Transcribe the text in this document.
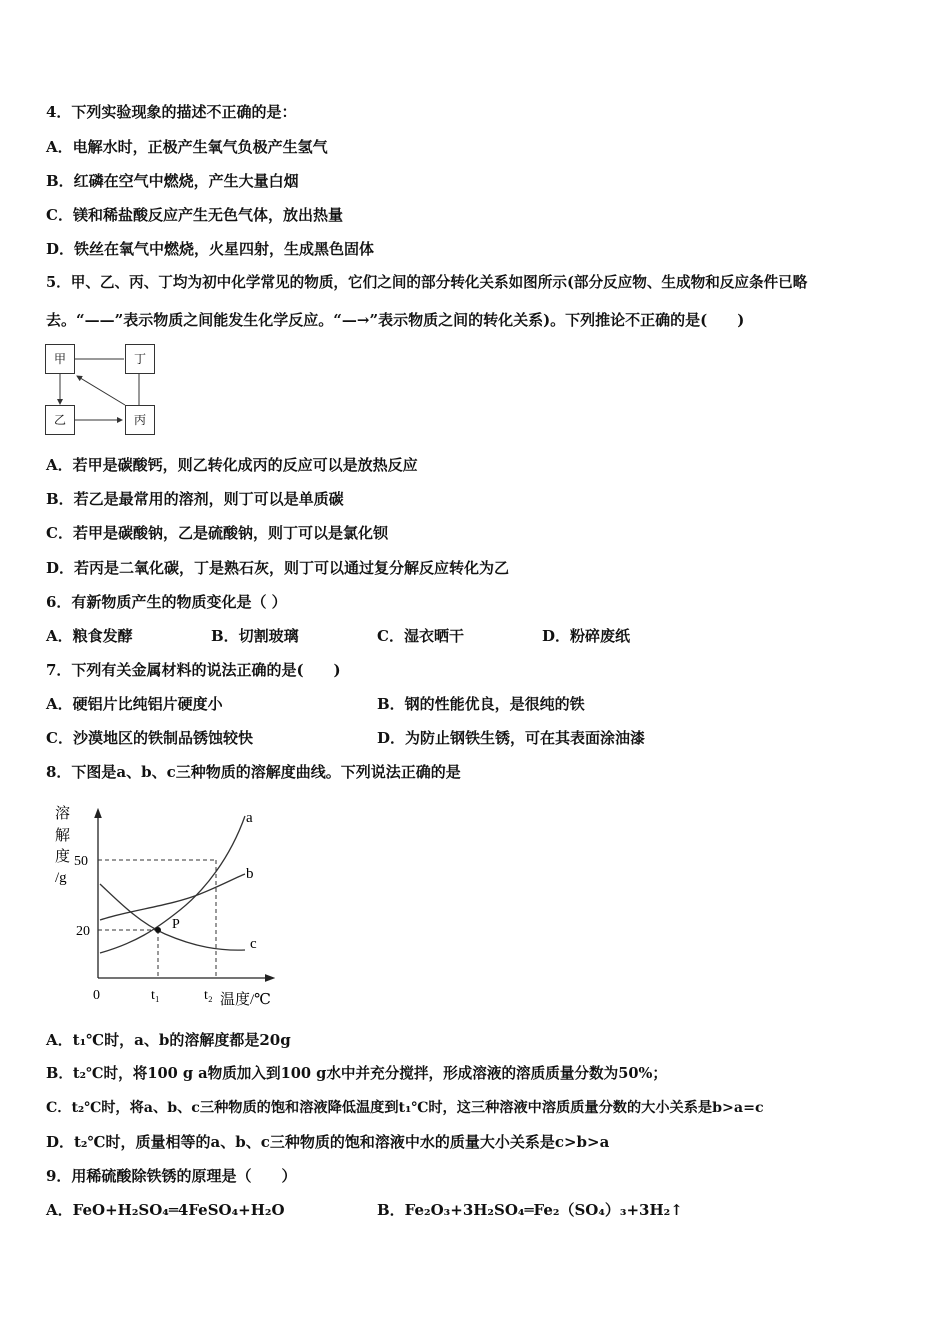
4．下列实验现象的描述不正确的是：
A．电解水时，正极产生氧气负极产生氢气
B．红磷在空气中燃烧，产生大量白烟
C．镁和稀盐酸反应产生无色气体，放出热量
D．铁丝在氧气中燃烧，火星四射，生成黑色固体
5．甲、乙、丙、丁均为初中化学常见的物质，它们之间的部分转化关系如图所示(部分反应物、生成物和反应条件已略
去。“——”表示物质之间能发生化学反应。“—→”表示物质之间的转化关系)。下列推论不正确的是(　　)
甲	丁
乙	丙
A．若甲是碳酸钙，则乙转化成丙的反应可以是放热反应
B．若乙是最常用的溶剂，则丁可以是单质碳
C．若甲是碳酸钠，乙是硫酸钠，则丁可以是氯化钡
D．若丙是二氧化碳，丁是熟石灰，则丁可以通过复分解反应转化为乙
6．有新物质产生的物质变化是（ ）
A．粮食发酵	B．切割玻璃	C．湿衣晒干	D．粉碎废纸
7．下列有关金属材料的说法正确的是(　　)
A．硬铝片比纯铝片硬度小	B．钢的性能优良，是很纯的铁
C．沙漠地区的铁制品锈蚀较快	D．为防止钢铁生锈，可在其表面涂油漆
8．下图是a、b、c三种物质的溶解度曲线。下列说法正确的是
溶
解
度
/g
P
a
b
c
50
20
0	t₁	t₂ 温度/℃
A．t₁℃时，a、b的溶解度都是20g
B．t₂℃时，将100 g a物质加入到100 g水中并充分搅拌，形成溶液的溶质质量分数为50%；
C．t₂℃时，将a、b、c三种物质的饱和溶液降低温度到t₁℃时，这三种溶液中溶质质量分数的大小关系是b>a=c
D．t₂℃时，质量相等的a、b、c三种物质的饱和溶液中水的质量大小关系是c>b>a
9．用稀硫酸除铁锈的原理是（　　）
A．FeO+H₂SO₄═4FeSO₄+H₂O	B．Fe₂O₃+3H₂SO₄═Fe₂（SO₄）₃+3H₂↑
